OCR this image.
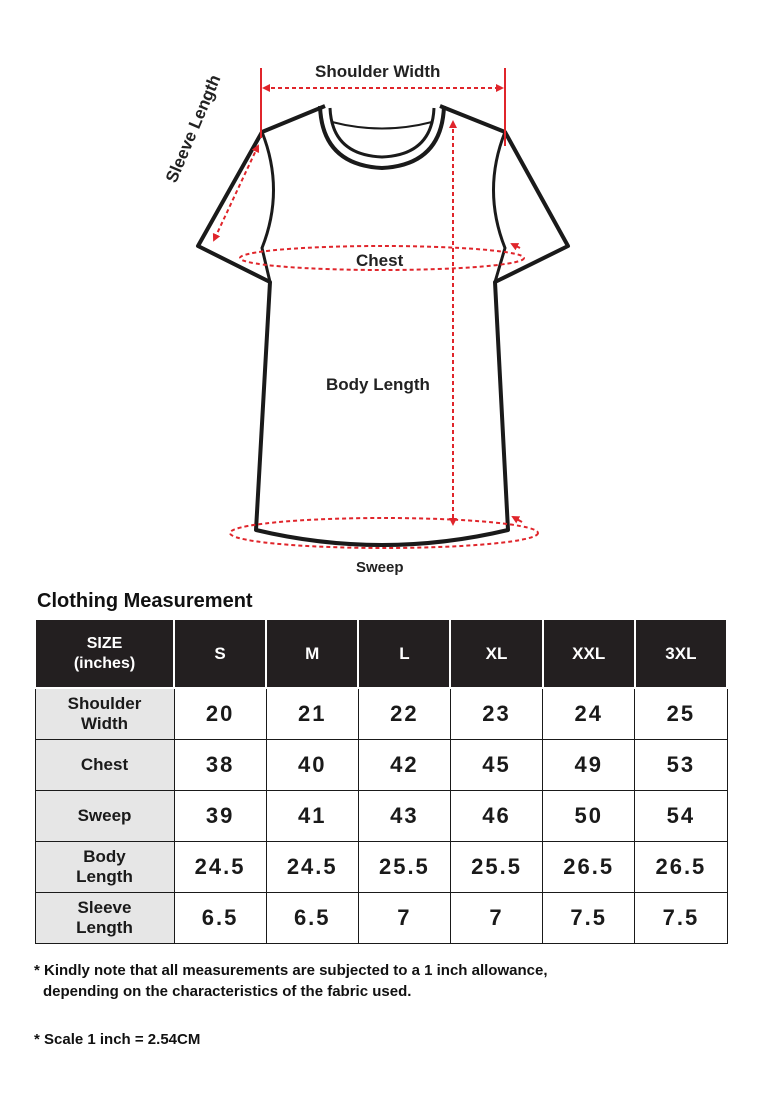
Shoulder Width
Sleeve Length
Chest
Body Length
Sweep
Clothing Measurement
SIZE
(inches)	S	M	L	XL	XXL	3XL
Shoulder
Width	20	21	22	23	24	25
Chest	38	40	42	45	49	53
Sweep	39	41	43	46	50	54
Body
Length	24.5	24.5	25.5	25.5	26.5	26.5
Sleeve
Length	6.5	6.5	7	7	7.5	7.5
* Kindly note that all measurements are subjected to a 1 inch allowance,
depending on the characteristics of the fabric used.
* Scale 1 inch = 2.54CM
